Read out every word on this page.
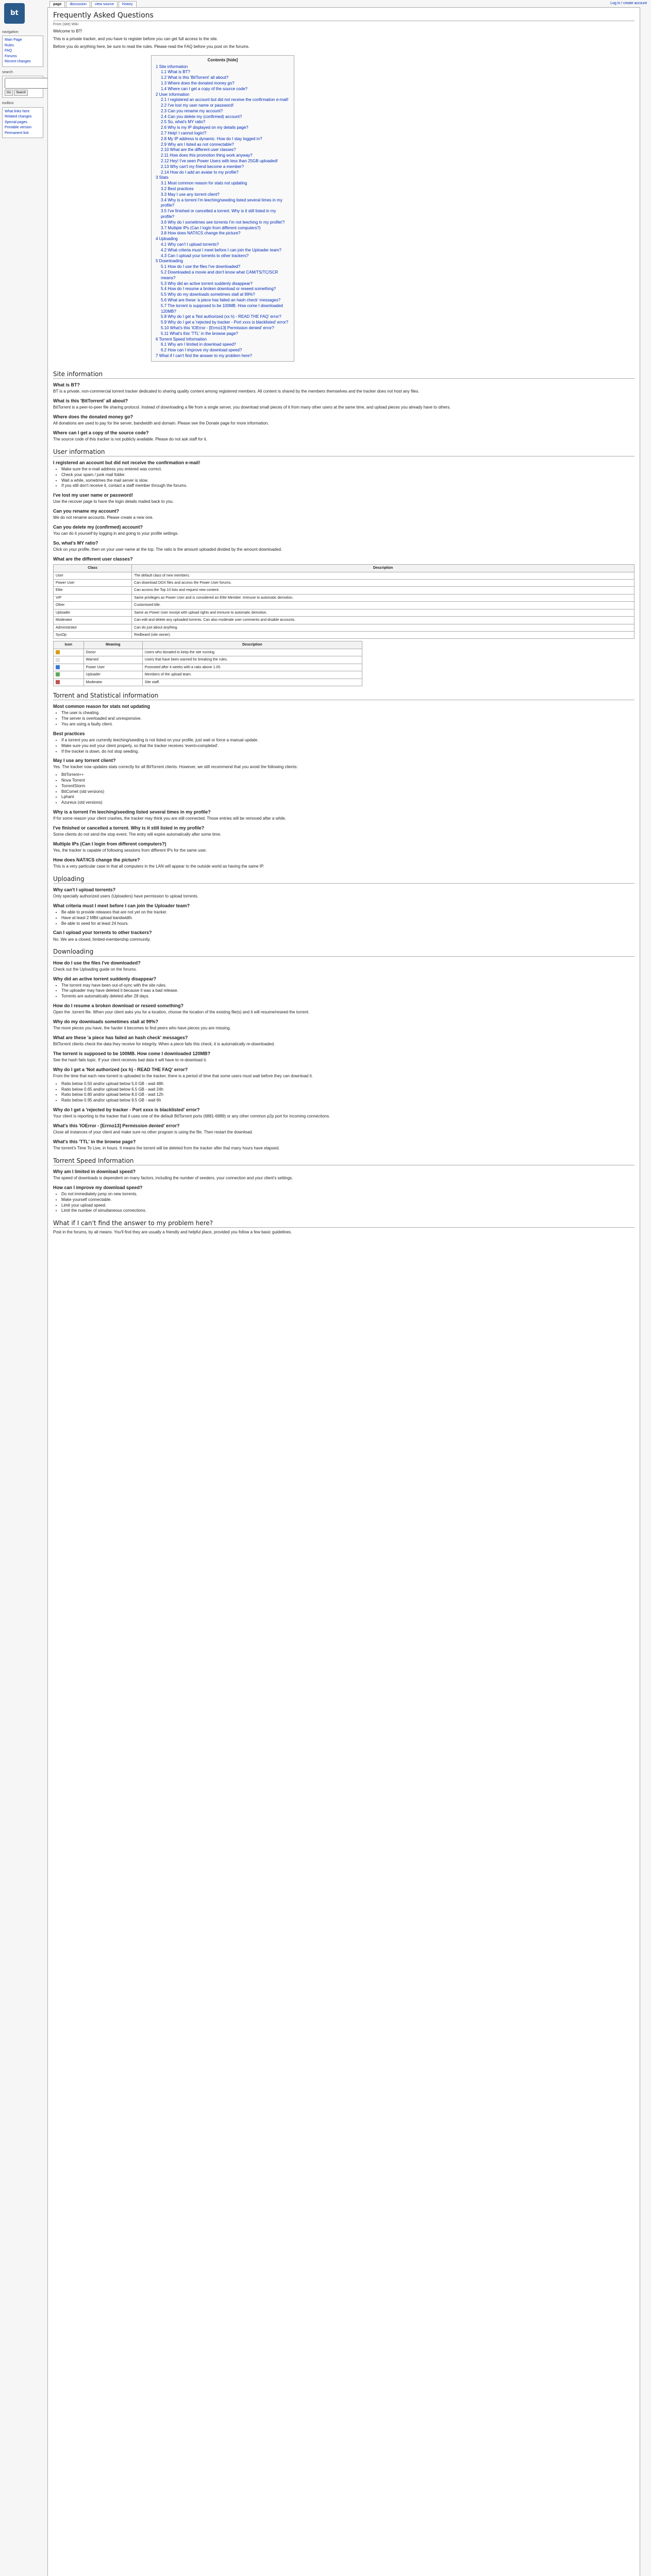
bt
page	discussion	view source	history	Log in / create account
navigation
Main Page
Rules
FAQ
Forums
Recent changes
search
Go	Search
toolbox
What links here
Related changes
Special pages
Printable version
Permanent link
Frequently Asked Questions
From (site) Wiki

Welcome to BT!

This is a private tracker, and you have to register before you can get full access to the site.

Before you do anything here, be sure to read the rules. Please read the FAQ before you post on the forums.

Contents [hide]
1 Site information
1.1 What is BT?
1.2 What is this 'BitTorrent' all about?
1.3 Where does the donated money go?
1.4 Where can I get a copy of the source code?
2 User information
2.1 I registered an account but did not receive the confirmation e-mail!
2.2 I've lost my user name or password!
2.3 Can you rename my account?
2.4 Can you delete my (confirmed) account?
2.5 So, what's MY ratio?
2.6 Why is my IP displayed on my details page?
2.7 Help! I cannot login!?
2.8 My IP address is dynamic. How do I stay logged in?
2.9 Why am I listed as not connectable?
2.10 What are the different user classes?
2.11 How does this promotion thing work anyway?
2.12 Hey! I've seen Power Users with less than 25GB uploaded!
2.13 Why can't my friend become a member?
2.14 How do I add an avatar to my profile?
3 Stats
3.1 Most common reason for stats not updating
3.2 Best practices
3.3 May I use any torrent client?
3.4 Why is a torrent I'm leeching/seeding listed several times in my profile?
3.5 I've finished or cancelled a torrent. Why is it still listed in my profile?
3.6 Why do I sometimes see torrents I'm not leeching in my profile!?
3.7 Multiple IPs (Can I login from different computers?)
3.8 How does NAT/ICS change the picture?
4 Uploading
4.1 Why can't I upload torrents?
4.2 What criteria must I meet before I can join the Uploader team?
4.3 Can I upload your torrents to other trackers?
5 Downloading
5.1 How do I use the files I've downloaded?
5.2 Downloaded a movie and don't know what CAM/TS/TC/SCR means?
5.3 Why did an active torrent suddenly disappear?
5.4 How do I resume a broken download or reseed something?
5.5 Why do my downloads sometimes stall at 99%?
5.6 What are these 'a piece has failed an hash check' messages?
5.7 The torrent is supposed to be 100MB. How come I downloaded 120MB?
5.8 Why do I get a 'Not authorized (xx h) - READ THE FAQ' error?
5.9 Why do I get a 'rejected by tracker - Port xxxx is blacklisted' error?
5.10 What's this 'IOError - [Errno13] Permission denied' error?
5.11 What's this 'TTL' in the browse page?
6 Torrent Speed Information
6.1 Why am I limited in download speed?
6.2 How can I improve my download speed?
7 What if I can't find the answer to my problem here?
Site information
What is BT?

BT is a private, non-commercial torrent tracker dedicated to sharing quality content among registered members. All content is shared by the members themselves and the tracker does not host any files.

What is this 'BitTorrent' all about?

BitTorrent is a peer-to-peer file sharing protocol. Instead of downloading a file from a single server, you download small pieces of it from many other users at the same time, and upload pieces you already have to others.

Where does the donated money go?

All donations are used to pay for the server, bandwidth and domain. Please see the Donate page for more information.

Where can I get a copy of the source code?

The source code of this tracker is not publicly available. Please do not ask staff for it.

User information
I registered an account but did not receive the confirmation e-mail!
• Make sure the e-mail address you entered was correct.
• Check your spam / junk mail folder.
• Wait a while, sometimes the mail server is slow.
• If you still don't receive it, contact a staff member through the forums.
I've lost my user name or password!

Use the recover page to have the login details mailed back to you.

Can you rename my account?

We do not rename accounts. Please create a new one.

Can you delete my (confirmed) account?

You can do it yourself by logging in and going to your profile settings.

So, what's MY ratio?

Click on your profile, then on your user name at the top. The ratio is the amount uploaded divided by the amount downloaded.

What are the different user classes?
Class	Description
User	The default class of new members.
Power User	Can download DOX files and access the Power User forums.
Elite	Can access the Top 10 lists and request new content.
VIP	Same privileges as Power User and is considered an Elite Member. Immune to automatic demotion.
Other	Customised title.
Uploader	Same as Power User except with upload rights and immune to automatic demotion.
Moderator	Can edit and delete any uploaded torrents. Can also moderate user comments and disable accounts.
Administrator	Can do just about anything.
SysOp	Redbeard (site owner).
Icon	Meaning	Description
	Donor	Users who donated to keep the site running.
	Warned	Users that have been warned for breaking the rules.
	Power User	Promoted after 4 weeks with a ratio above 1.05.
	Uploader	Members of the upload team.
	Moderator	Site staff.
Torrent and Statistical information
Most common reason for stats not updating
• The user is cheating.
• The server is overloaded and unresponsive.
• You are using a faulty client.
Best practices
• If a torrent you are currently leeching/seeding is not listed on your profile, just wait or force a manual update.
• Make sure you exit your client properly, so that the tracker receives 'event=completed'.
• If the tracker is down, do not stop seeding.
May I use any torrent client?

Yes. The tracker now updates stats correctly for all BitTorrent clients. However, we still recommend that you avoid the following clients:

• BitTorrent++
• Nova Torrent
• TorrentStorm
• BitComet (old versions)
• Lphant
• Azureus (old versions)
Why is a torrent I'm leeching/seeding listed several times in my profile?

If for some reason your client crashes, the tracker may think you are still connected. Those entries will be removed after a while.

I've finished or cancelled a torrent. Why is it still listed in my profile?

Some clients do not send the stop event. The entry will expire automatically after some time.

Multiple IPs (Can I login from different computers?)

Yes, the tracker is capable of following sessions from different IPs for the same user.

How does NAT/ICS change the picture?

This is a very particular case in that all computers in the LAN will appear to the outside world as having the same IP.

Uploading
Why can't I upload torrents?

Only specially authorized users (Uploaders) have permission to upload torrents.

What criteria must I meet before I can join the Uploader team?
• Be able to provide releases that are not yet on the tracker.
• Have at least 2 MBit upload bandwidth.
• Be able to seed for at least 24 hours.
Can I upload your torrents to other trackers?

No. We are a closed, limited-membership community.

Downloading
How do I use the files I've downloaded?

Check out the Uploading guide on the forums.

Why did an active torrent suddenly disappear?
• The torrent may have been out-of-sync with the site rules.
• The uploader may have deleted it because it was a bad release.
• Torrents are automatically deleted after 28 days.
How do I resume a broken download or reseed something?

Open the .torrent file. When your client asks you for a location, choose the location of the existing file(s) and it will resume/reseed the torrent.

Why do my downloads sometimes stall at 99%?

The more pieces you have, the harder it becomes to find peers who have pieces you are missing.

What are these 'a piece has failed an hash check' messages?

BitTorrent clients check the data they receive for integrity. When a piece fails this check, it is automatically re-downloaded.

The torrent is supposed to be 100MB. How come I downloaded 120MB?

See the hash fails topic. If your client receives bad data it will have to re-download it.

Why do I get a 'Not authorized (xx h) - READ THE FAQ' error?

From the time that each new torrent is uploaded to the tracker, there is a period of time that some users must wait before they can download it.

• Ratio below 0.50 and/or upload below 5.0 GB - wait 48h
• Ratio below 0.65 and/or upload below 6.5 GB - wait 24h
• Ratio below 0.80 and/or upload below 8.0 GB - wait 12h
• Ratio below 0.95 and/or upload below 9.5 GB - wait 6h
Why do I get a 'rejected by tracker - Port xxxx is blacklisted' error?

Your client is reporting to the tracker that it uses one of the default BitTorrent ports (6881-6889) or any other common p2p port for incoming connections.

What's this 'IOError - [Errno13] Permission denied' error?

Close all instances of your client and make sure no other program is using the file. Then restart the download.

What's this 'TTL' in the browse page?

The torrent's Time To Live, in hours. It means the torrent will be deleted from the tracker after that many hours have elapsed.

Torrent Speed Information
Why am I limited in download speed?

The speed of downloads is dependent on many factors, including the number of seeders, your connection and your client's settings.

How can I improve my download speed?
• Do not immediately jump on new torrents.
• Make yourself connectable.
• Limit your upload speed.
• Limit the number of simultaneous connections.
What if I can't find the answer to my problem here?

Post in the forums, by all means. You'll find they are usually a friendly and helpful place, provided you follow a few basic guidelines.
